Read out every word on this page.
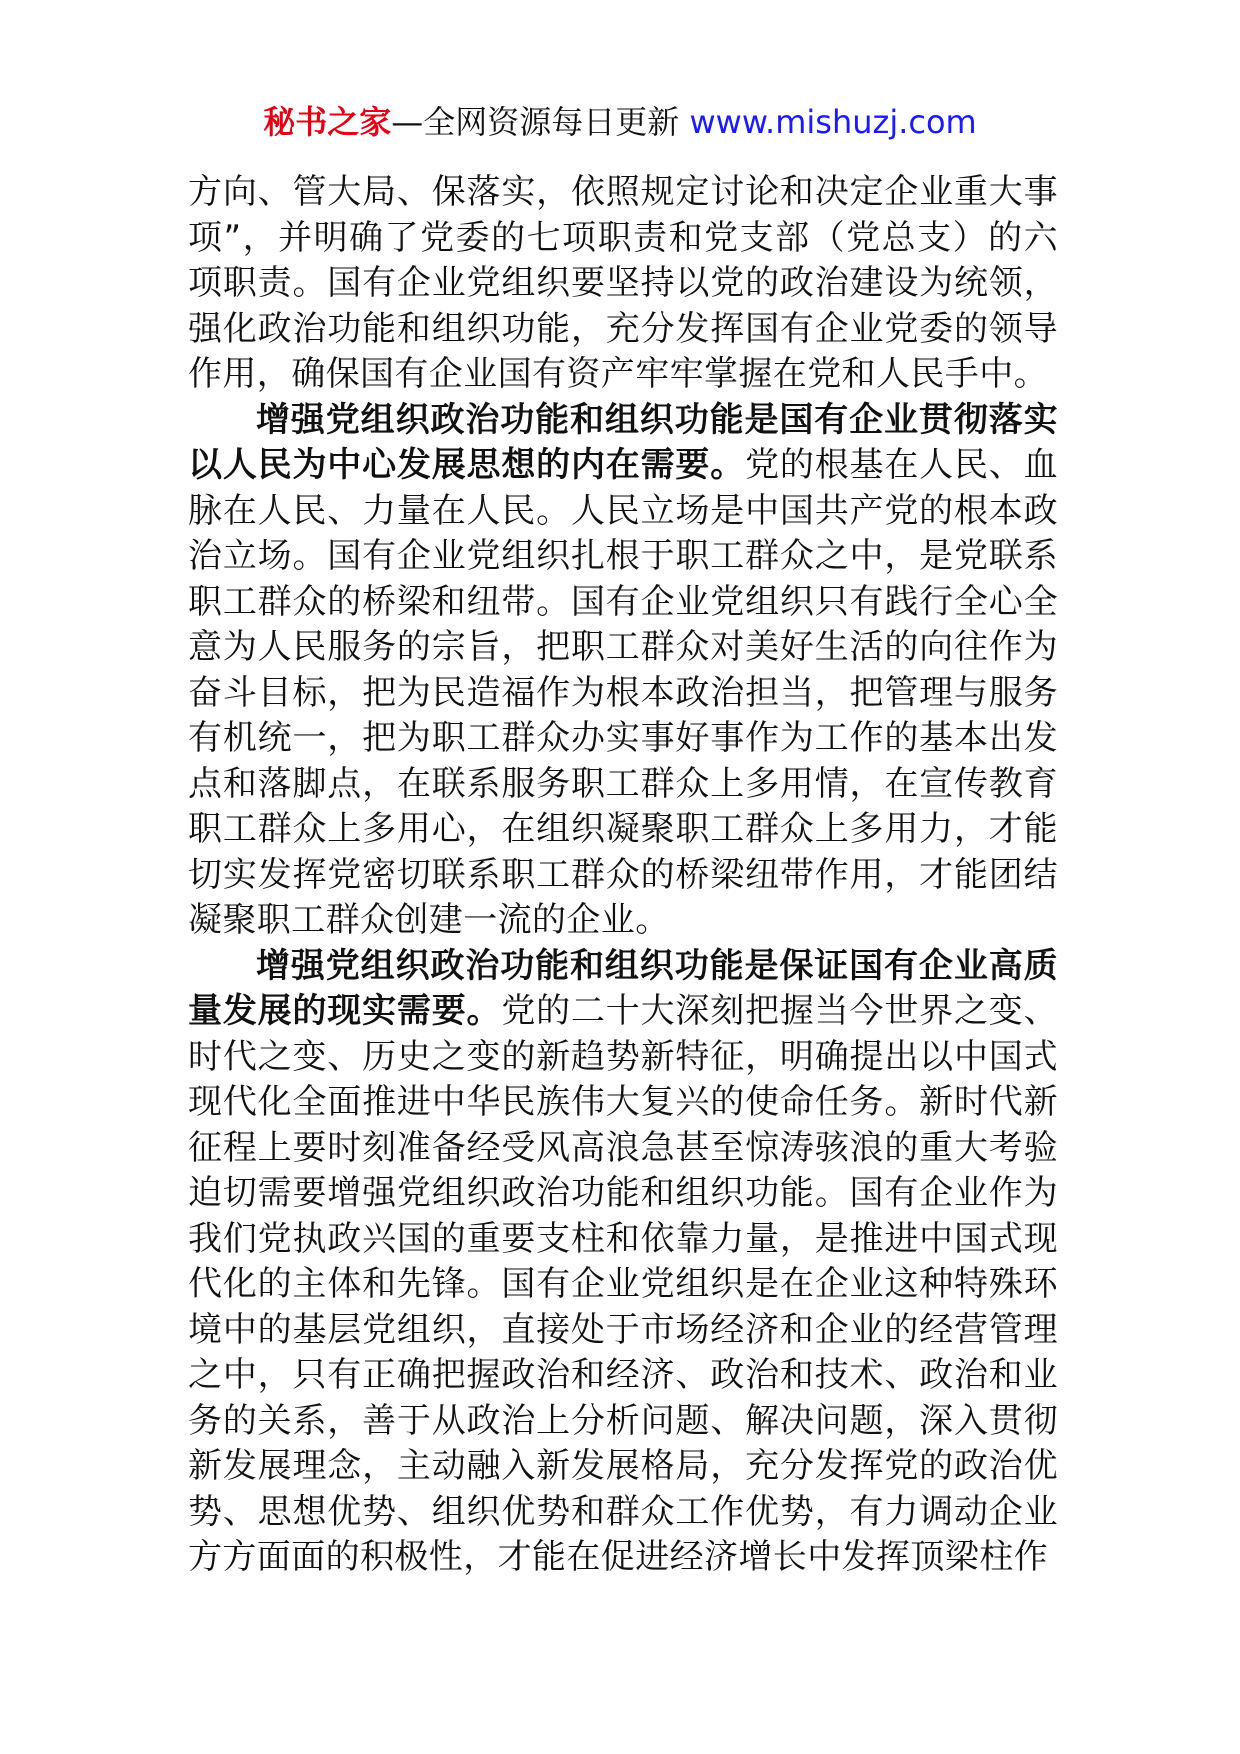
秘书之家—全网资源每日更新 www.mishuzj.com

方向、管大局、保落实，依照规定讨论和决定企业重大事项”，并明确了党委的七项职责和党支部（党总支）的六项职责。国有企业党组织要坚持以党的政治建设为统领，强化政治功能和组织功能，充分发挥国有企业党委的领导作用，确保国有企业国有资产牢牢掌握在党和人民手中。

增强党组织政治功能和组织功能是国有企业贯彻落实以人民为中心发展思想的内在需要。党的根基在人民、血脉在人民、力量在人民。人民立场是中国共产党的根本政治立场。国有企业党组织扎根于职工群众之中，是党联系职工群众的桥梁和纽带。国有企业党组织只有践行全心全意为人民服务的宗旨，把职工群众对美好生活的向往作为奋斗目标，把为民造福作为根本政治担当，把管理与服务有机统一，把为职工群众办实事好事作为工作的基本出发点和落脚点，在联系服务职工群众上多用情，在宣传教育职工群众上多用心，在组织凝聚职工群众上多用力，才能切实发挥党密切联系职工群众的桥梁纽带作用，才能团结凝聚职工群众创建一流的企业。

增强党组织政治功能和组织功能是保证国有企业高质量发展的现实需要。党的二十大深刻把握当今世界之变、时代之变、历史之变的新趋势新特征，明确提出以中国式现代化全面推进中华民族伟大复兴的使命任务。新时代新征程上要时刻准备经受风高浪急甚至惊涛骇浪的重大考验迫切需要增强党组织政治功能和组织功能。国有企业作为我们党执政兴国的重要支柱和依靠力量，是推进中国式现代化的主体和先锋。国有企业党组织是在企业这种特殊环境中的基层党组织，直接处于市场经济和企业的经营管理之中，只有正确把握政治和经济、政治和技术、政治和业务的关系，善于从政治上分析问题、解决问题，深入贯彻新发展理念，主动融入新发展格局，充分发挥党的政治优势、思想优势、组织优势和群众工作优势，有力调动企业方方面面的积极性，才能在促进经济增长中发挥顶梁柱作
